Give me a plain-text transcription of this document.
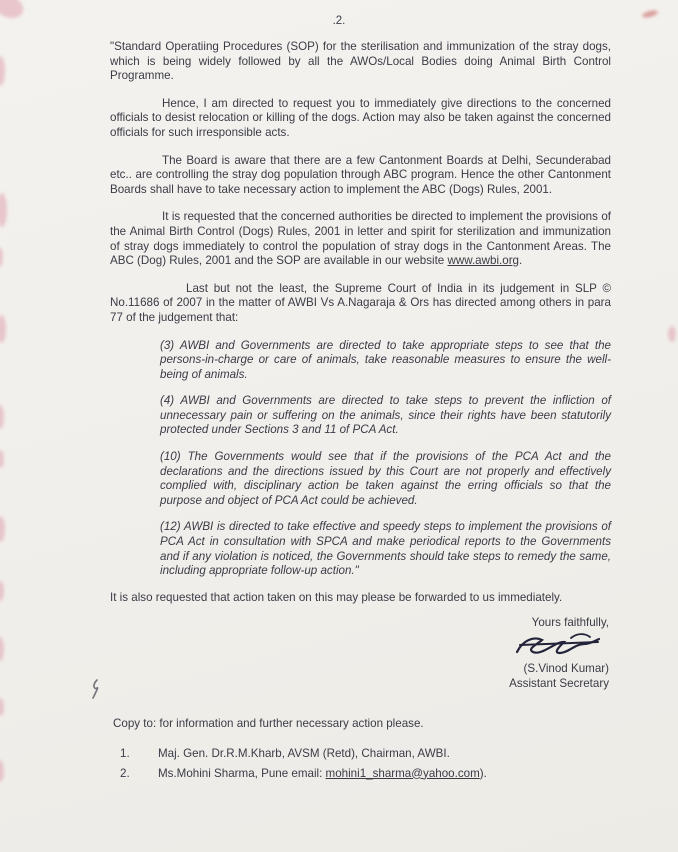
.2.

"Standard Operatiing Procedures (SOP) for the sterilisation and immunization of the stray dogs, which is being widely followed by all the AWOs/Local Bodies doing Animal Birth Control Programme.

Hence, I am directed to request you to immediately give directions to the concerned officials to desist relocation or killing of the dogs. Action may also be taken against the concerned officials for such irresponsible acts.

The Board is aware that there are a few Cantonment Boards at Delhi, Secunderabad etc.. are controlling the stray dog population through ABC program. Hence the other Cantonment Boards shall have to take necessary action to implement the ABC (Dogs) Rules, 2001.

It is requested that the concerned authorities be directed to implement the provisions of the Animal Birth Control (Dogs) Rules, 2001 in letter and spirit for sterilization and immunization of stray dogs immediately to control the population of stray dogs in the Cantonment Areas. The ABC (Dog) Rules, 2001 and the SOP are available in our website www.awbi.org.

Last but not the least, the Supreme Court of India in its judgement in SLP © No.11686 of 2007 in the matter of AWBI Vs A.Nagaraja & Ors has directed among others in para 77 of the judgement that:

(3) AWBI and Governments are directed to take appropriate steps to see that the persons-in-charge or care of animals, take reasonable measures to ensure the well-being of animals.

(4) AWBI and Governments are directed to take steps to prevent the infliction of unnecessary pain or suffering on the animals, since their rights have been statutorily protected under Sections 3 and 11 of PCA Act.

(10) The Governments would see that if the provisions of the PCA Act and the declarations and the directions issued by this Court are not properly and effectively complied with, disciplinary action be taken against the erring officials so that the purpose and object of PCA Act could be achieved.

(12) AWBI is directed to take effective and speedy steps to implement the provisions of PCA Act in consultation with SPCA and make periodical reports to the Governments and if any violation is noticed, the Governments should take steps to remedy the same, including appropriate follow-up action."

It is also requested that action taken on this may please be forwarded to us immediately.

Yours faithfully,
(S.Vinod Kumar)
Assistant Secretary
Copy to: for information and further necessary action please.
1.	Maj. Gen. Dr.R.M.Kharb, AVSM (Retd), Chairman, AWBI.
2.	Ms.Mohini Sharma, Pune email: mohini1_sharma@yahoo.com).
